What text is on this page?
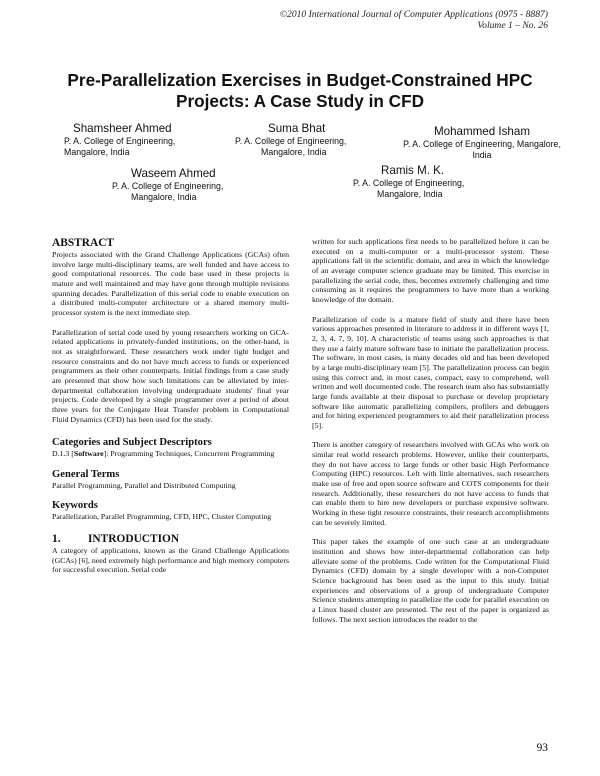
©2010 International Journal of Computer Applications (0975 - 8887)
Volume 1 – No. 26
Pre-Parallelization Exercises in Budget-Constrained HPC Projects: A Case Study in CFD
Shamsheer Ahmed
P. A. College of Engineering,
Mangalore, India
Suma Bhat
P. A. College of Engineering,
Mangalore, India
Mohammed Isham
P. A. College of Engineering, Mangalore,
India
Waseem Ahmed
P. A. College of Engineering,
Mangalore, India
Ramis M. K.
P. A. College of Engineering,
Mangalore, India
ABSTRACT

Projects associated with the Grand Challenge Applications (GCAs) often involve large multi-disciplinary teams, are well funded and have access to good computational resources. The code base used in these projects is mature and well maintained and may have gone through multiple revisions spanning decades. Parallelization of this serial code to enable execution on a distributed multi-computer architecture or a shared memory multi-processor system is the next immediate step.

Parallelization of serial code used by young researchers working on GCA-related applications in privately-funded institutions, on the other-hand, is not as straightforward. These researchers work under tight budget and resource constraints and do not have much access to funds or experienced programmers as their other counterparts. Initial findings from a case study are presented that show how such limitations can be alleviated by inter-departmental collaboration involving undergraduate students' final year projects. Code developed by a single programmer over a period of about three years for the Conjugate Heat Transfer problem in Computational Fluid Dynamics (CFD) has been used for the study.

Categories and Subject Descriptors

D.1.3 [Software]: Programming Techniques, Concurrent Programming

General Terms

Parallel Programming, Parallel and Distributed Computing

Keywords

Parallelization, Parallel Programming, CFD, HPC, Cluster Computing

1.	INTRODUCTION

A category of applications, known as the Grand Challenge Applications (GCAs) [6], need extremely high performance and high memory computers for successful execution. Serial code

written for such applications first needs to be parallelized before it can be executed on a multi-computer or a multi-processor system. These applications fall in the scientific domain, and area in which the knowledge of an average computer science graduate may be limited. This exercise in parallelizing the serial code, thus, becomes extremely challenging and time consuming as it requires the programmers to have more than a working knowledge of the domain.

Parallelization of code is a mature field of study and there have been various approaches presented in literature to address it in different ways [1, 2, 3, 4, 7, 9, 10]. A characteristic of teams using such approaches is that they use a fairly mature software base to initiate the parallelization process. The software, in most cases, is many decades old and has been developed by a large multi-disciplinary team [5]. The parallelization process can begin using this correct and, in most cases, compact, easy to comprehend, well written and well documented code. The research team also has substantially large funds available at their disposal to purchase or develop proprietary software like automatic parallelizing compilers, profilers and debuggers and for hiring experienced programmers to aid their parallelization process [5].

There is another category of researchers involved with GCAs who work on similar real world research problems. However, unlike their counterparts, they do not have access to large funds or other basic High Performance Computing (HPC) resources. Left with little alternatives, such researchers make use of free and open source software and COTS components for their research. Additionally, these researchers do not have access to funds that can enable them to hire new developers or purchase expensive software. Working in these tight resource constraints, their research accomplishments can be severely limited.

This paper takes the example of one such case at an undergraduate institution and shows how inter-departmental collaboration can help alleviate some of the problems. Code written for the Computational Fluid Dynamics (CFD) domain by a single developer with a non-Computer Science background has been used as the input to this study. Initial experiences and observations of a group of undergraduate Computer Science students attempting to parallelize the code for parallel execution on a Linux based cluster are presented. The rest of the paper is organized as follows. The next section introduces the reader to the

93
